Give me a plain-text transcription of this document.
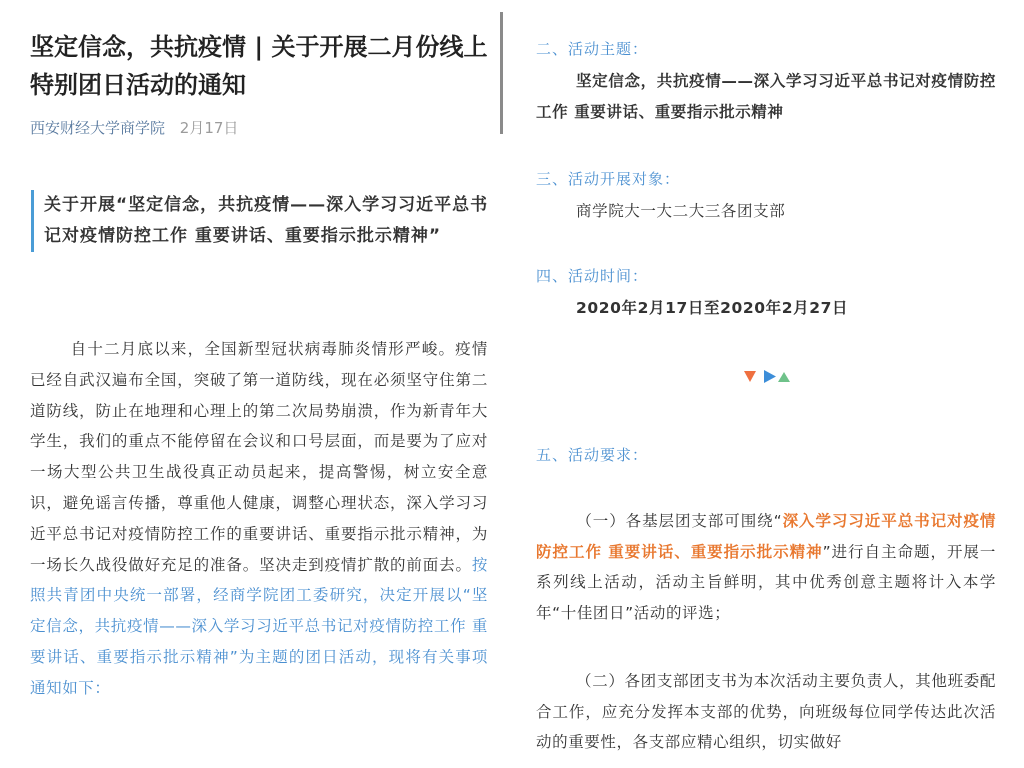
坚定信念，共抗疫情 | 关于开展二月份线上特别团日活动的通知
西安财经大学商学院 2月17日
关于开展“坚定信念，共抗疫情——深入学习习近平总书记对疫情防控工作 重要讲话、重要指示批示精神”
自十二月底以来，全国新型冠状病毒肺炎情形严峻。疫情已经自武汉遍布全国，突破了第一道防线，现在必须坚守住第二道防线，防止在地理和心理上的第二次局势崩溃，作为新青年大学生，我们的重点不能停留在会议和口号层面，而是要为了应对一场大型公共卫生战役真正动员起来，提高警惕，树立安全意识，避免谣言传播，尊重他人健康，调整心理状态，深入学习习近平总书记对疫情防控工作的重要讲话、重要指示批示精神，为一场长久战役做好充足的准备。坚决走到疫情扩散的前面去。按照共青团中央统一部署，经商学院团工委研究，决定开展以“坚定信念，共抗疫情——深入学习习近平总书记对疫情防控工作 重要讲话、重要指示批示精神”为主题的团日活动，现将有关事项通知如下：
二、活动主题：
坚定信念，共抗疫情——深入学习习近平总书记对疫情防控工作 重要讲话、重要指示批示精神
三、活动开展对象：
商学院大一大二大三各团支部
四、活动时间：
2020年2月17日至2020年2月27日
五、活动要求：
（一）各基层团支部可围绕“深入学习习近平总书记对疫情防控工作 重要讲话、重要指示批示精神”进行自主命题，开展一系列线上活动，活动主旨鲜明，其中优秀创意主题将计入本学年“十佳团日”活动的评选；
（二）各团支部团支书为本次活动主要负责人，其他班委配合工作，应充分发挥本支部的优势，向班级每位同学传达此次活动的重要性，各支部应精心组织，切实做好
